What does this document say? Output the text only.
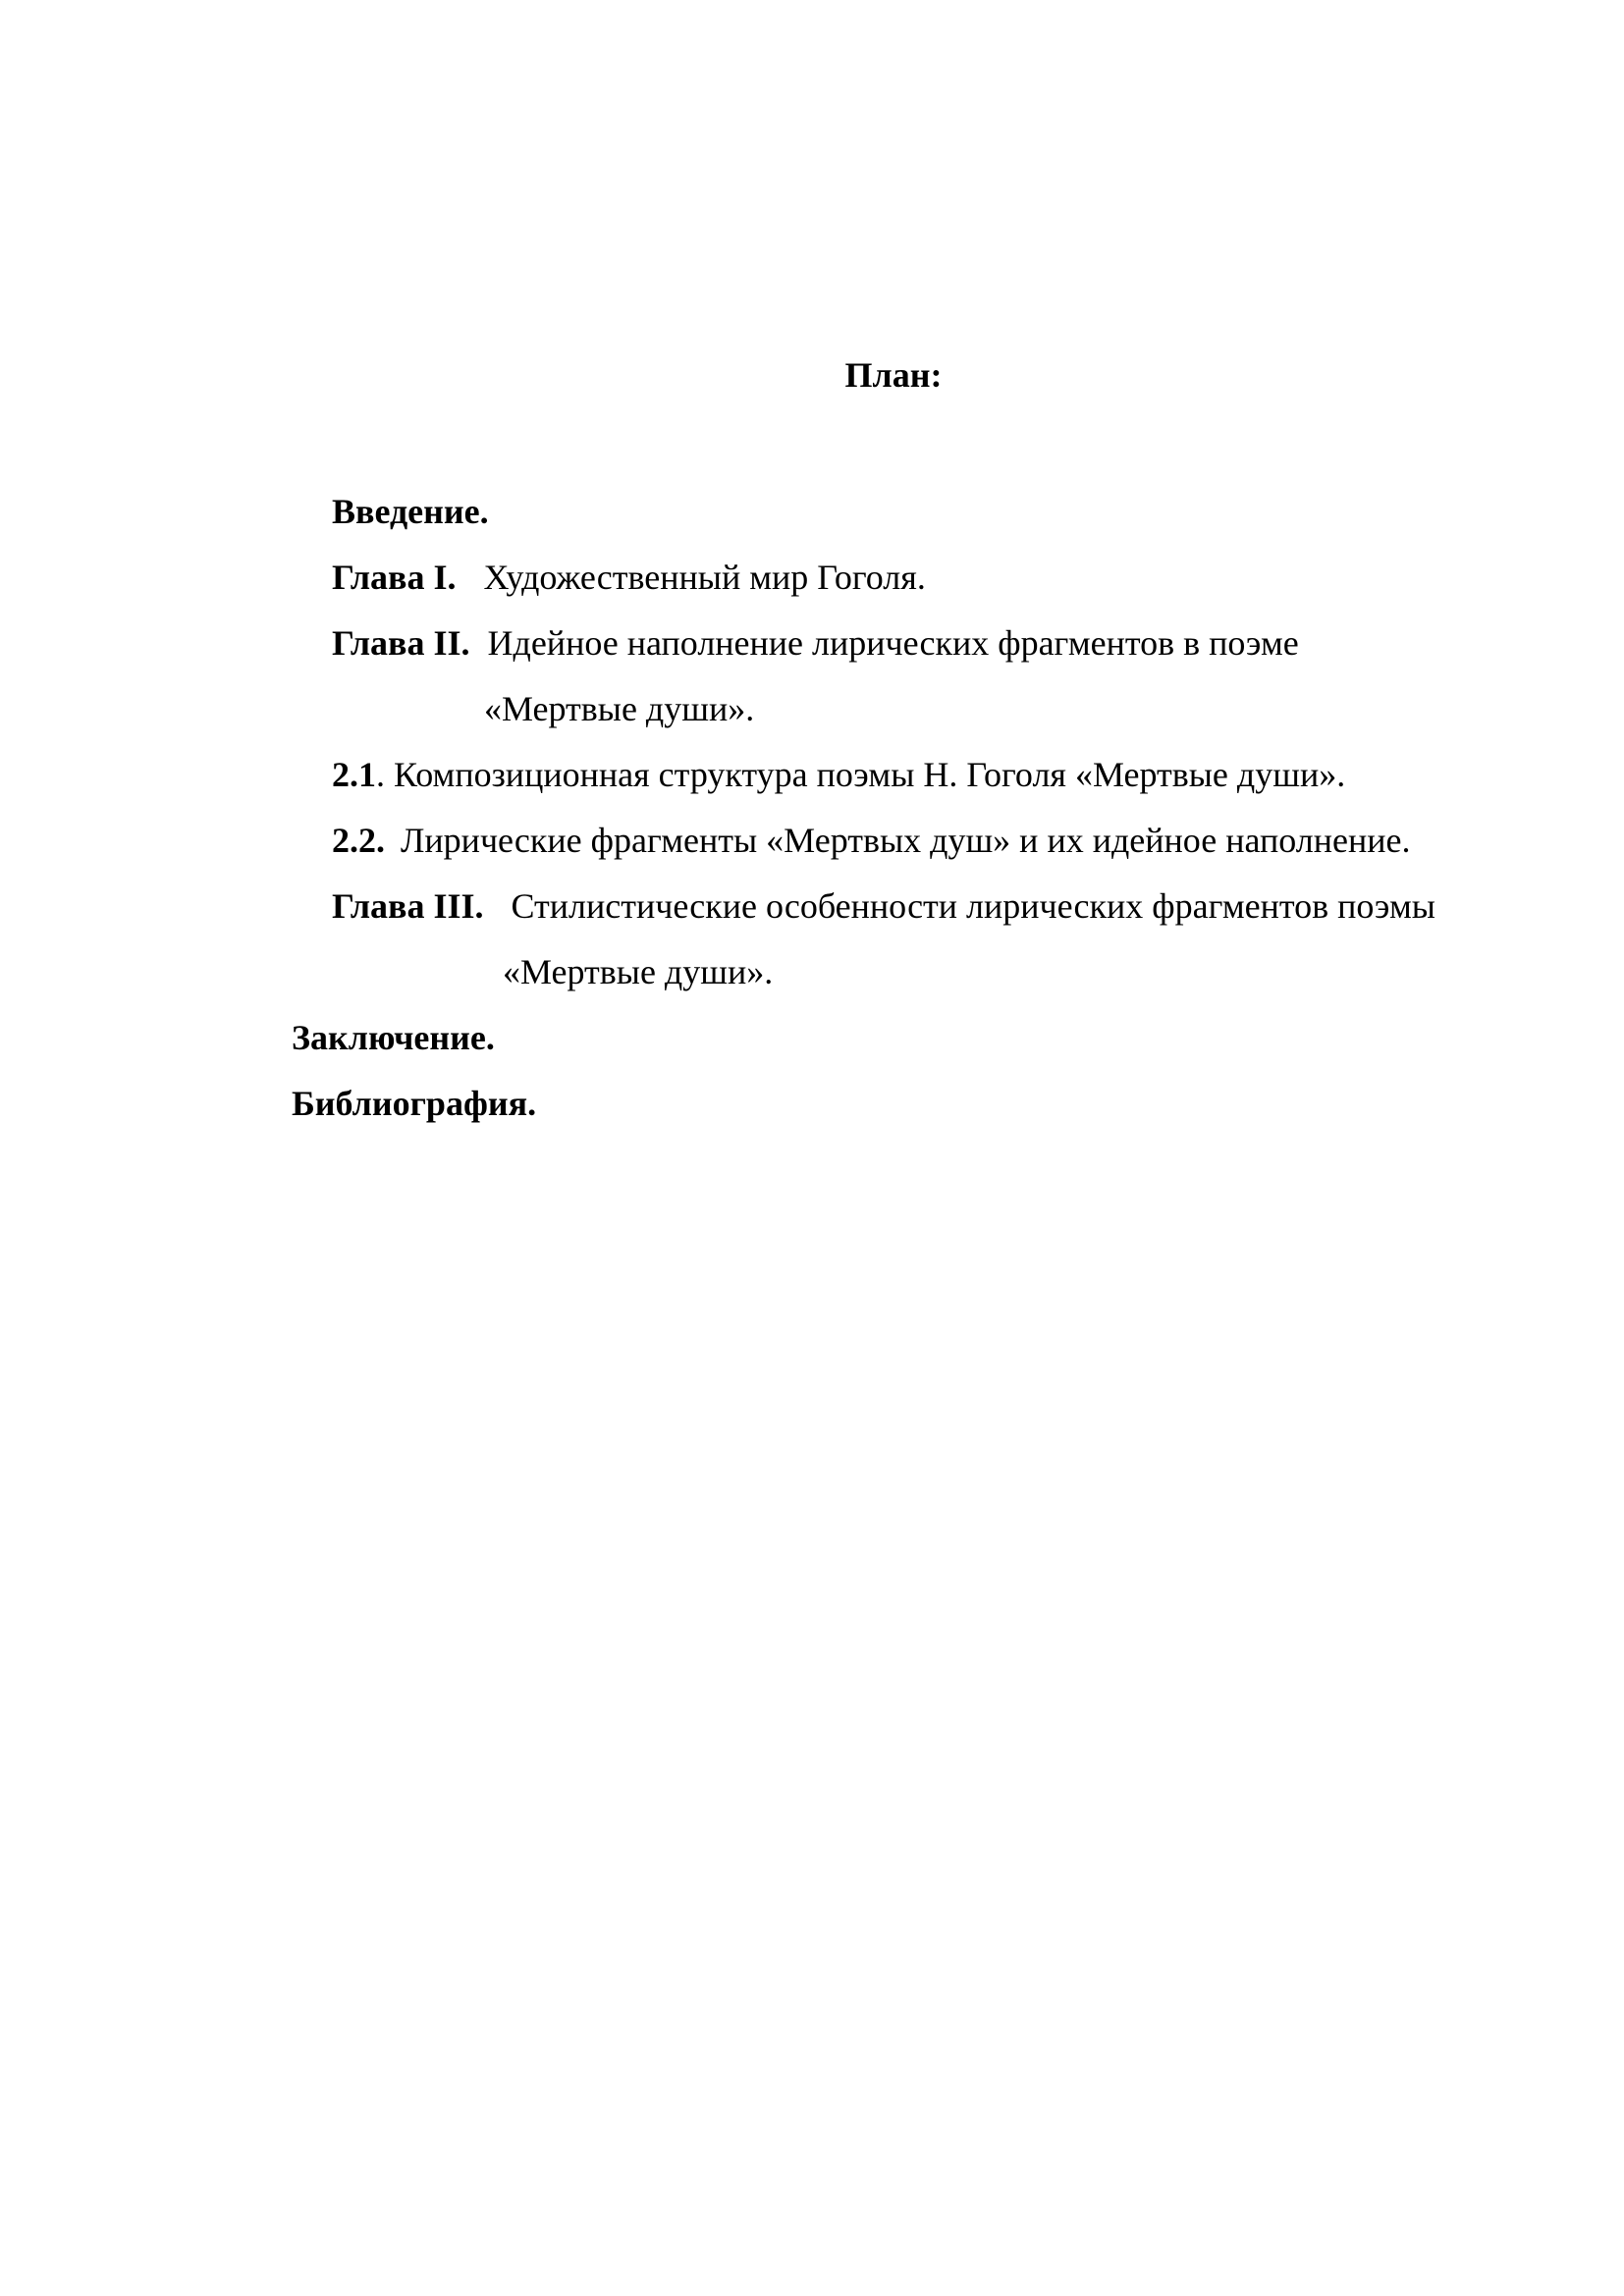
План:

Введение.

Глава I. Художественный мир Гоголя.

Глава II. Идейное наполнение лирических фрагментов в поэме

«Мертвые души».

2.1. Композиционная структура поэмы Н. Гоголя «Мертвые души».

2.2. Лирические фрагменты «Мертвых душ» и их идейное наполнение.

Глава III. Стилистические особенности лирических фрагментов поэмы

«Мертвые души».

Заключение.

Библиография.
